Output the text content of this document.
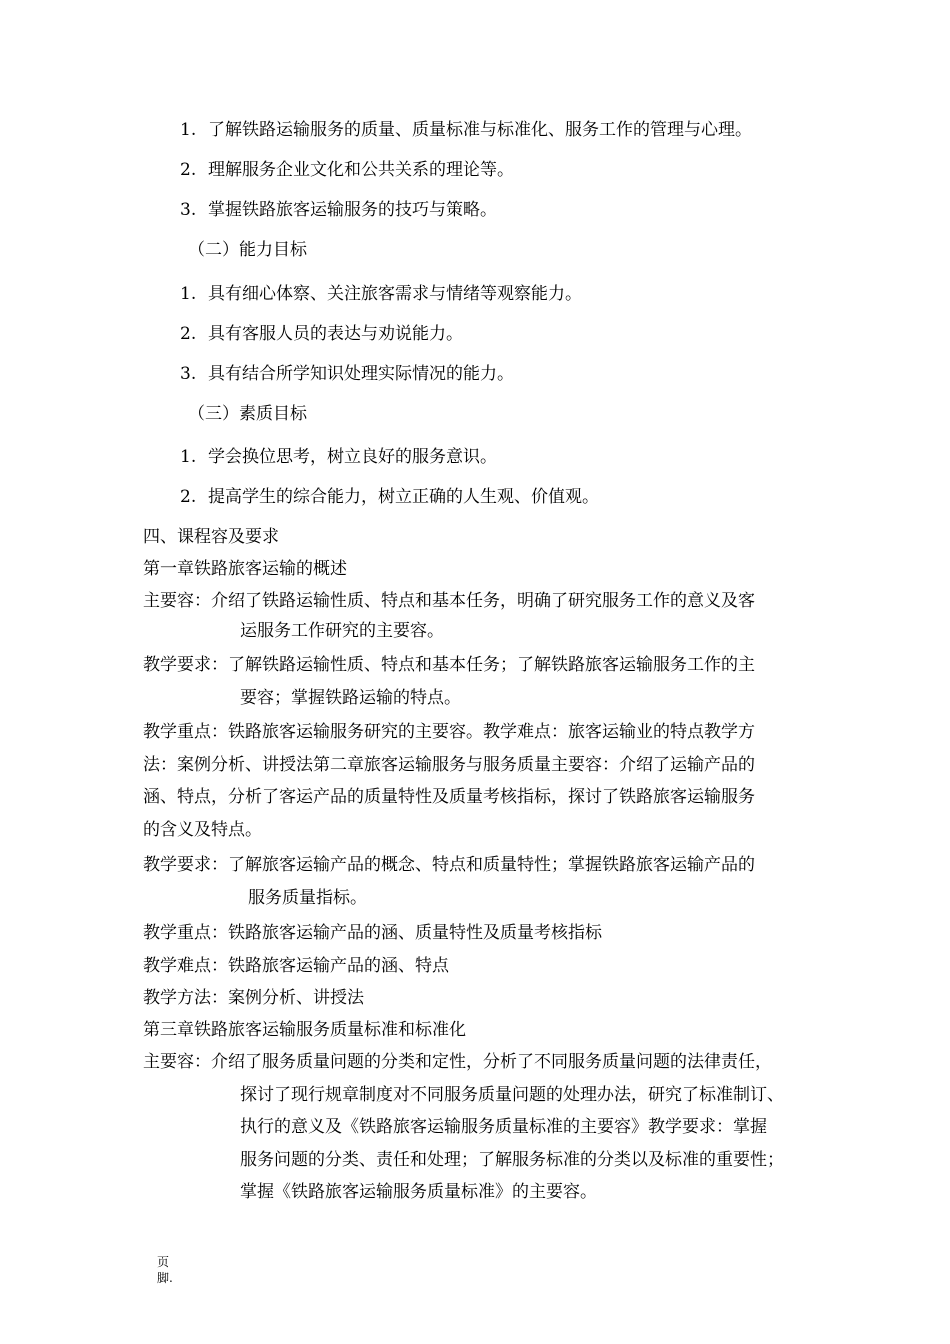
1. 了解铁路运输服务的质量、质量标准与标准化、服务工作的管理与心理。
2. 理解服务企业文化和公共关系的理论等。
3. 掌握铁路旅客运输服务的技巧与策略。
（二）能力目标
1. 具有细心体察、关注旅客需求与情绪等观察能力。
2. 具有客服人员的表达与劝说能力。
3. 具有结合所学知识处理实际情况的能力。
（三）素质目标
1. 学会换位思考，树立良好的服务意识。
2. 提高学生的综合能力，树立正确的人生观、价值观。
四、课程容及要求
第一章铁路旅客运输的概述
主要容：介绍了铁路运输性质、特点和基本任务，明确了研究服务工作的意义及客
运服务工作研究的主要容。
教学要求：了解铁路运输性质、特点和基本任务；了解铁路旅客运输服务工作的主
要容；掌握铁路运输的特点。
教学重点：铁路旅客运输服务研究的主要容。教学难点：旅客运输业的特点教学方
法：案例分析、讲授法第二章旅客运输服务与服务质量主要容：介绍了运输产品的
涵、特点，分析了客运产品的质量特性及质量考核指标，探讨了铁路旅客运输服务
的含义及特点。
教学要求：了解旅客运输产品的概念、特点和质量特性；掌握铁路旅客运输产品的
服务质量指标。
教学重点：铁路旅客运输产品的涵、质量特性及质量考核指标
教学难点：铁路旅客运输产品的涵、特点
教学方法：案例分析、讲授法
第三章铁路旅客运输服务质量标准和标准化
主要容：介绍了服务质量问题的分类和定性，分析了不同服务质量问题的法律责任，
探讨了现行规章制度对不同服务质量问题的处理办法，研究了标准制订、
执行的意义及《铁路旅客运输服务质量标准的主要容》教学要求：掌握
服务问题的分类、责任和处理；了解服务标准的分类以及标准的重要性；
掌握《铁路旅客运输服务质量标准》的主要容。
页
脚.
